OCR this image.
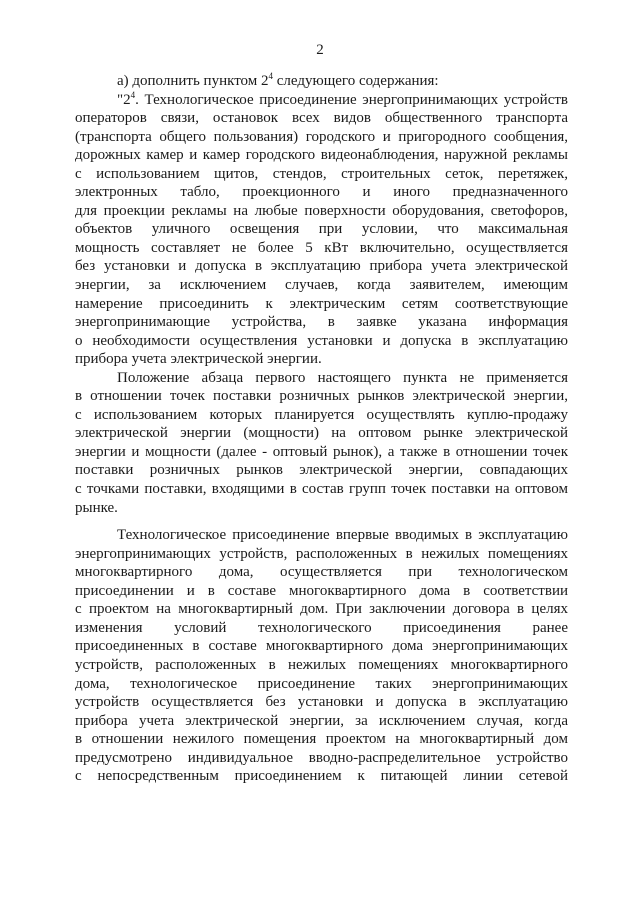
2
а) дополнить пунктом $2^4$ следующего содержания:
"$2^4$. Технологическое присоединение энергопринимающих устройств
операторов связи, остановок всех видов общественного транспорта
(транспорта общего пользования) городского и пригородного сообщения,
дорожных камер и камер городского видеонаблюдения, наружной рекламы
с использованием щитов, стендов, строительных сеток, перетяжек,
электронных табло, проекционного и иного предназначенного
для проекции рекламы на любые поверхности оборудования, светофоров,
объектов уличного освещения при условии, что максимальная
мощность составляет не более 5 кВт включительно, осуществляется
без установки и допуска в эксплуатацию прибора учета электрической
энергии, за исключением случаев, когда заявителем, имеющим
намерение присоединить к электрическим сетям соответствующие
энергопринимающие устройства, в заявке указана информация
о необходимости осуществления установки и допуска в эксплуатацию
прибора учета электрической энергии.
Положение абзаца первого настоящего пункта не применяется
в отношении точек поставки розничных рынков электрической энергии,
с использованием которых планируется осуществлять куплю-продажу
электрической энергии (мощности) на оптовом рынке электрической
энергии и мощности (далее - оптовый рынок), а также в отношении точек
поставки розничных рынков электрической энергии, совпадающих
с точками поставки, входящими в состав групп точек поставки на оптовом
рынке.
Технологическое присоединение впервые вводимых в эксплуатацию
энергопринимающих устройств, расположенных в нежилых помещениях
многоквартирного дома, осуществляется при технологическом
присоединении и в составе многоквартирного дома в соответствии
с проектом на многоквартирный дом. При заключении договора в целях
изменения условий технологического присоединения ранее
присоединенных в составе многоквартирного дома энергопринимающих
устройств, расположенных в нежилых помещениях многоквартирного
дома, технологическое присоединение таких энергопринимающих
устройств осуществляется без установки и допуска в эксплуатацию
прибора учета электрической энергии, за исключением случая, когда
в отношении нежилого помещения проектом на многоквартирный дом
предусмотрено индивидуальное вводно-распределительное устройство
с непосредственным присоединением к питающей линии сетевой
